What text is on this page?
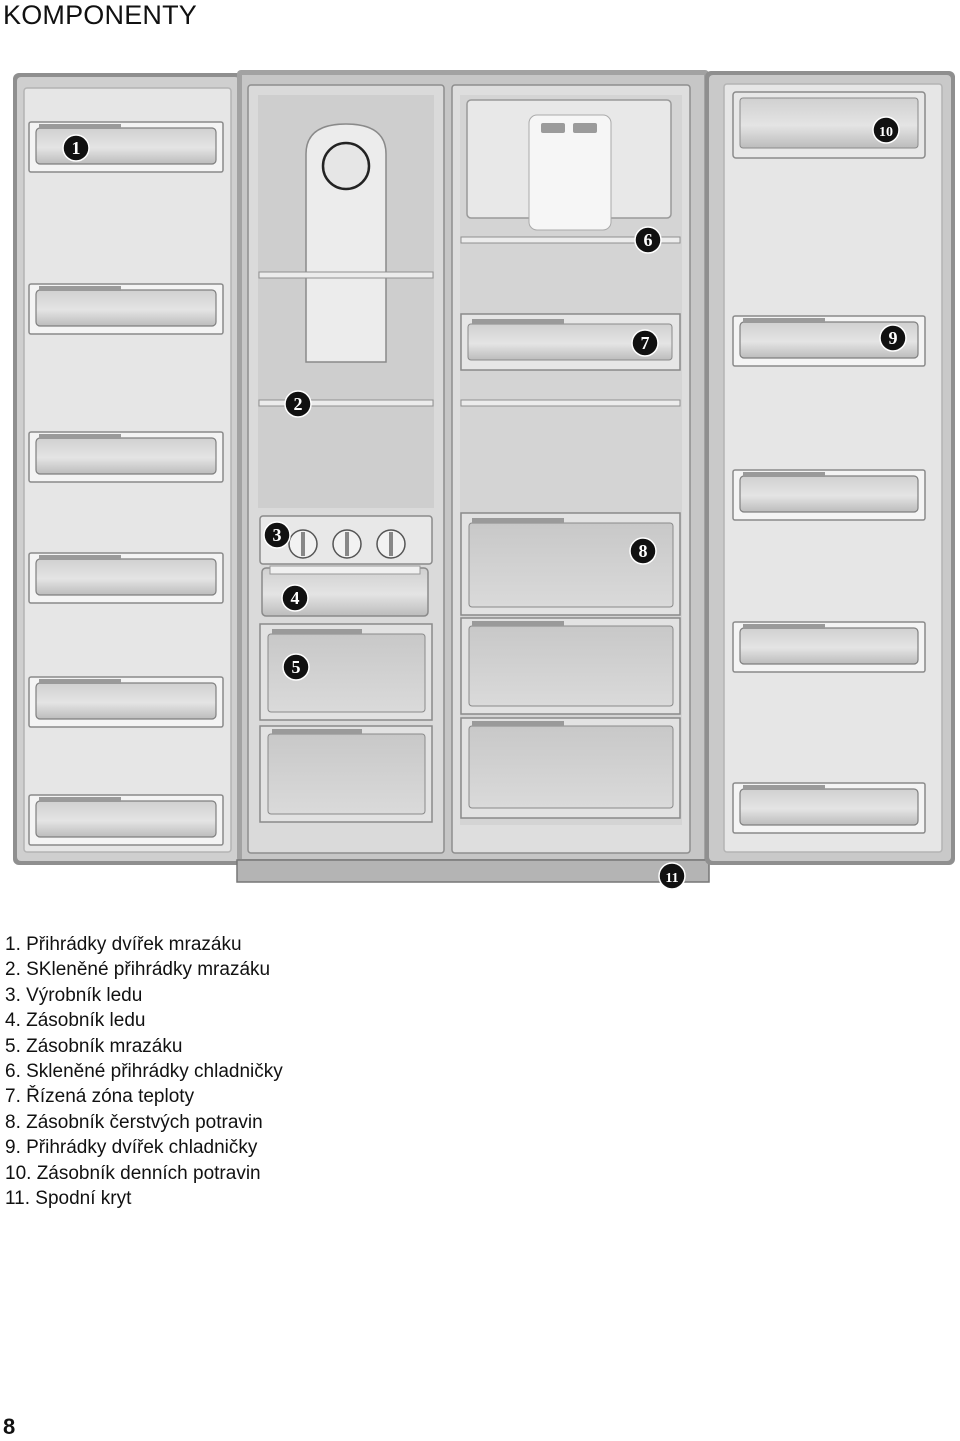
KOMPONENTY
1
2
3
4
5
6
7
8
9
10
11
1. Přihrádky dvířek mrazáku
2. SKleněné přihrádky mrazáku
3. Výrobník ledu
4. Zásobník ledu
5. Zásobník mrazáku
6. Skleněné přihrádky chladničky
7. Řízená zóna teploty
8. Zásobník čerstvých potravin
9. Přihrádky dvířek chladničky
10. Zásobník denních potravin
11. Spodní kryt
8
